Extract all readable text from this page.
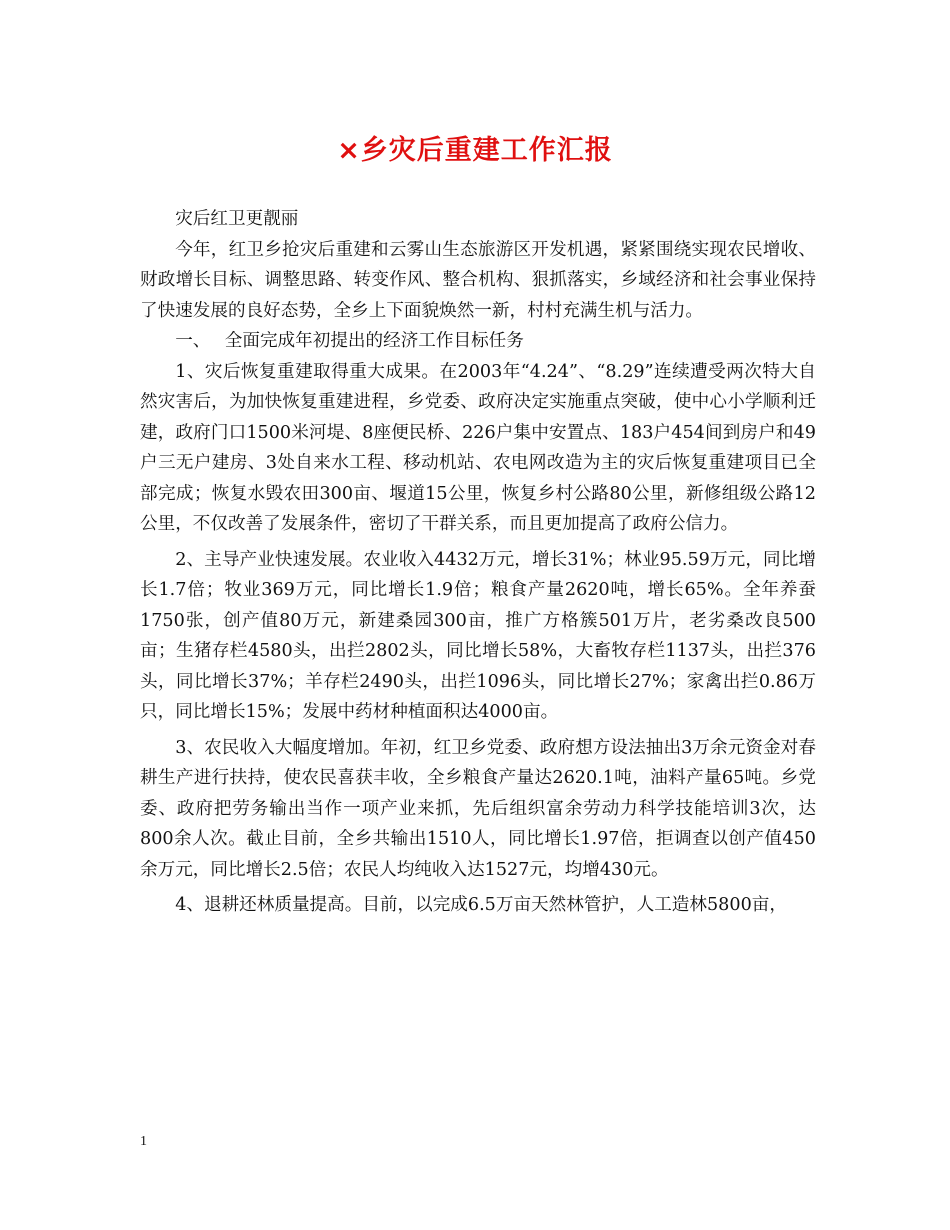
×乡灾后重建工作汇报

灾后红卫更靓丽

今年，红卫乡抢灾后重建和云雾山生态旅游区开发机遇，紧紧围绕实现农民增收、财政增长目标、调整思路、转变作风、整合机构、狠抓落实，乡域经济和社会事业保持了快速发展的良好态势，全乡上下面貌焕然一新，村村充满生机与活力。

一、　 全面完成年初提出的经济工作目标任务

1、灾后恢复重建取得重大成果。在2003年“4.24”、“8.29”连续遭受两次特大自然灾害后，为加快恢复重建进程，乡党委、政府决定实施重点突破，使中心小学顺利迁建，政府门口1500米河堤、8座便民桥、226户集中安置点、183户454间到房户和49户三无户建房、3处自来水工程、移动机站、农电网改造为主的灾后恢复重建项目已全部完成；恢复水毁农田300亩、堰道15公里，恢复乡村公路80公里，新修组级公路12公里，不仅改善了发展条件，密切了干群关系，而且更加提高了政府公信力。

2、主导产业快速发展。农业收入4432万元，增长31%；林业95.59万元，同比增长1.7倍；牧业369万元，同比增长1.9倍；粮食产量2620吨，增长65%。全年养蚕1750张，创产值80万元，新建桑园300亩，推广方格簇501万片，老劣桑改良500亩；生猪存栏4580头，出拦2802头，同比增长58%，大畜牧存栏1137头，出拦376头，同比增长37%；羊存栏2490头，出拦1096头，同比增长27%；家禽出拦0.86万只，同比增长15%；发展中药材种植面积达4000亩。

3、农民收入大幅度增加。年初，红卫乡党委、政府想方设法抽出3万余元资金对春耕生产进行扶持，使农民喜获丰收，全乡粮食产量达2620.1吨，油料产量65吨。乡党委、政府把劳务输出当作一项产业来抓，先后组织富余劳动力科学技能培训3次，达800余人次。截止目前，全乡共输出1510人，同比增长1.97倍，拒调查以创产值450余万元，同比增长2.5倍；农民人均纯收入达1527元，均增430元。

4、退耕还林质量提高。目前，以完成6.5万亩天然林管护，人工造林5800亩，

1
